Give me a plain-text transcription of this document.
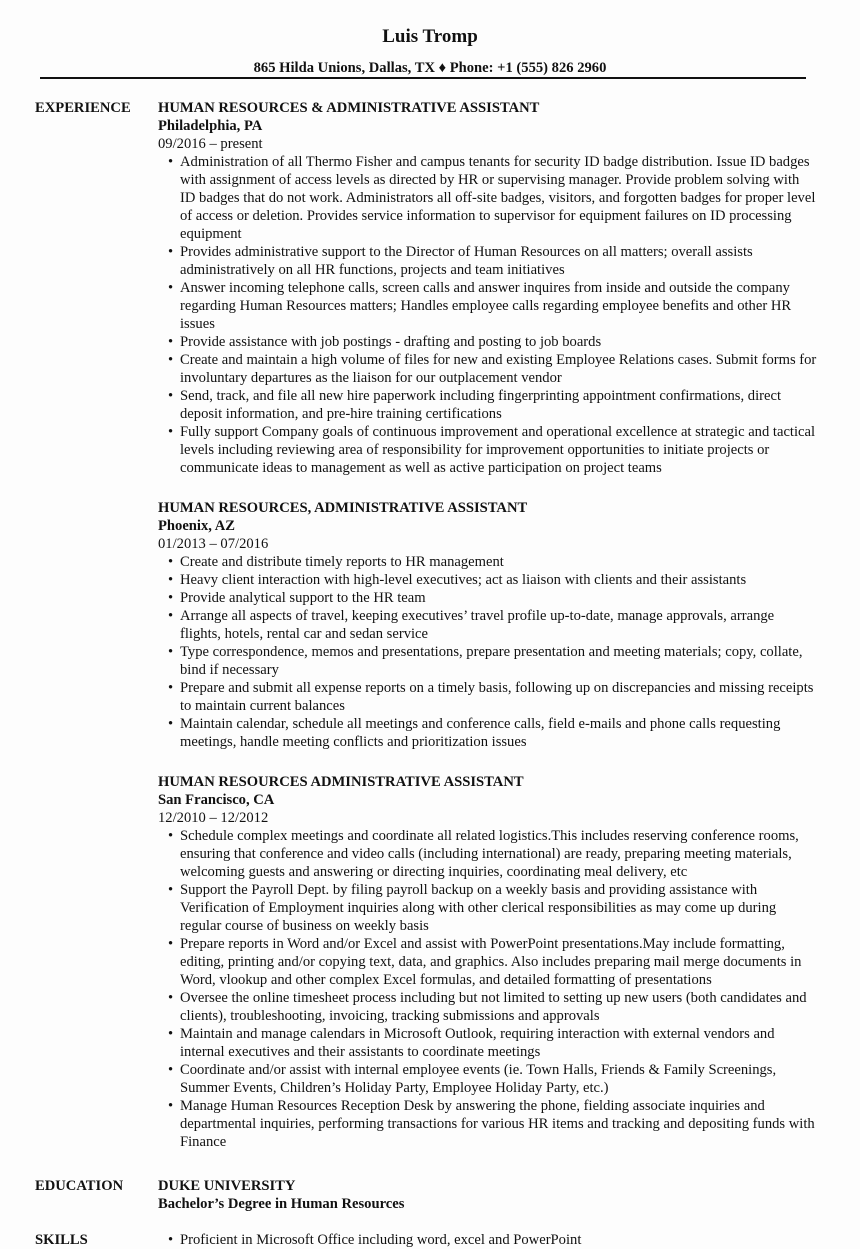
Luis Tromp
865 Hilda Unions, Dallas, TX ♦ Phone: +1 (555) 826 2960
EXPERIENCE HUMAN RESOURCES & ADMINISTRATIVE ASSISTANT
Philadelphia, PA
09/2016 – present
• Administration of all Thermo Fisher and campus tenants for security ID badge distribution. Issue ID badges with assignment of access levels as directed by HR or supervising manager. Provide problem solving with ID badges that do not work. Administrators all off-site badges, visitors, and forgotten badges for proper level of access or deletion. Provides service information to supervisor for equipment failures on ID processing equipment
• Provides administrative support to the Director of Human Resources on all matters; overall assists administratively on all HR functions, projects and team initiatives
• Answer incoming telephone calls, screen calls and answer inquires from inside and outside the company regarding Human Resources matters; Handles employee calls regarding employee benefits and other HR issues
• Provide assistance with job postings - drafting and posting to job boards
• Create and maintain a high volume of files for new and existing Employee Relations cases. Submit forms for involuntary departures as the liaison for our outplacement vendor
• Send, track, and file all new hire paperwork including fingerprinting appointment confirmations, direct deposit information, and pre-hire training certifications
• Fully support Company goals of continuous improvement and operational excellence at strategic and tactical levels including reviewing area of responsibility for improvement opportunities to initiate projects or communicate ideas to management as well as active participation on project teams
HUMAN RESOURCES, ADMINISTRATIVE ASSISTANT
Phoenix, AZ
01/2013 – 07/2016
• Create and distribute timely reports to HR management
• Heavy client interaction with high-level executives; act as liaison with clients and their assistants
• Provide analytical support to the HR team
• Arrange all aspects of travel, keeping executives’ travel profile up-to-date, manage approvals, arrange flights, hotels, rental car and sedan service
• Type correspondence, memos and presentations, prepare presentation and meeting materials; copy, collate, bind if necessary
• Prepare and submit all expense reports on a timely basis, following up on discrepancies and missing receipts to maintain current balances
• Maintain calendar, schedule all meetings and conference calls, field e-mails and phone calls requesting meetings, handle meeting conflicts and prioritization issues
HUMAN RESOURCES ADMINISTRATIVE ASSISTANT
San Francisco, CA
12/2010 – 12/2012
• Schedule complex meetings and coordinate all related logistics.This includes reserving conference rooms, ensuring that conference and video calls (including international) are ready, preparing meeting materials, welcoming guests and answering or directing inquiries, coordinating meal delivery, etc
• Support the Payroll Dept. by filing payroll backup on a weekly basis and providing assistance with Verification of Employment inquiries along with other clerical responsibilities as may come up during regular course of business on weekly basis
• Prepare reports in Word and/or Excel and assist with PowerPoint presentations.May include formatting, editing, printing and/or copying text, data, and graphics. Also includes preparing mail merge documents in Word, vlookup and other complex Excel formulas, and detailed formatting of presentations
• Oversee the online timesheet process including but not limited to setting up new users (both candidates and clients), troubleshooting, invoicing, tracking submissions and approvals
• Maintain and manage calendars in Microsoft Outlook, requiring interaction with external vendors and internal executives and their assistants to coordinate meetings
• Coordinate and/or assist with internal employee events (ie. Town Halls, Friends & Family Screenings, Summer Events, Children’s Holiday Party, Employee Holiday Party, etc.)
• Manage Human Resources Reception Desk by answering the phone, fielding associate inquiries and departmental inquiries, performing transactions for various HR items and tracking and depositing funds with Finance
EDUCATION DUKE UNIVERSITY
Bachelor’s Degree in Human Resources
SKILLS	• Proficient in Microsoft Office including word, excel and PowerPoint
